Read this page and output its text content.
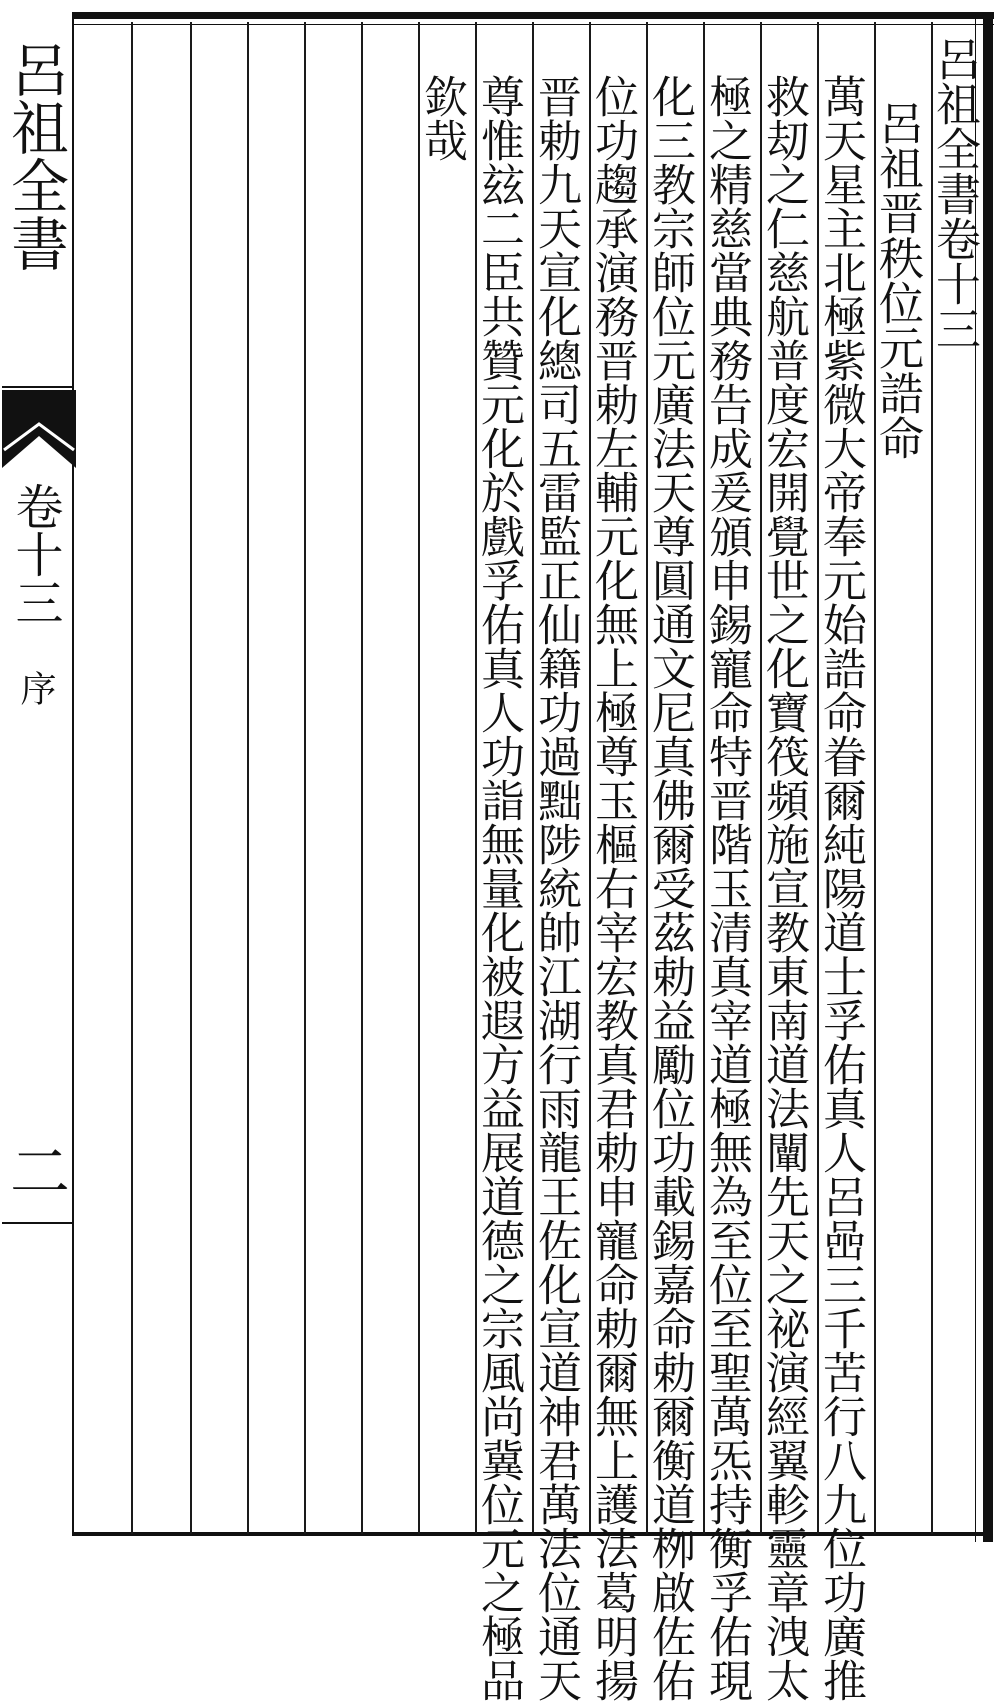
呂祖全書卷十三
呂祖晋秩位元誥命
萬天星主北極紫微大帝奉元始誥命眷爾純陽道士孚佑真人呂喦三千苦行八九位功廣推
救刧之仁慈航普度宏開覺世之化寶筏頻施宣教東南道法闡先天之祕演經翼軫靈章洩太
極之精慈當典務告成爰頒申錫寵命特晋階玉清真宰道極無為至位至聖萬炁持衡孚佑現
化三教宗師位元廣法天尊圓通文尼真佛爾受茲勅益勵位功載錫嘉命勅爾衡道栁啟佐佑
位功趨承演務晋勅左輔元化無上極尊玉樞右宰宏教真君勅申寵命勅爾無上護法葛明揚
晋勅九天宣化總司五雷監正仙籍功過黜陟統帥江湖行雨龍王佐化宣道神君萬法位通天
尊惟玆二臣共贊元化於戲孚佑真人功詣無量化被遐方益展道德之宗風尚冀位元之極品
欽哉
呂祖全書
卷十三
序
二
